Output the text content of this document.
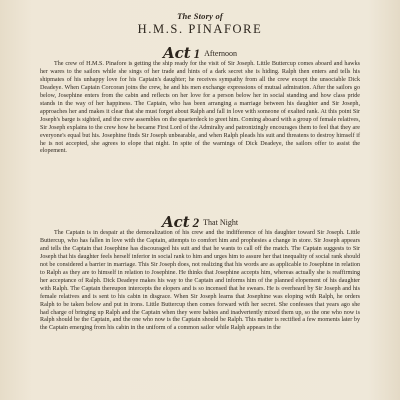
The Story of
H.M.S. PINAFORE
Act 1 Afternoon
The crew of H.M.S. Pinafore is getting the ship ready for the visit of Sir Joseph. Little Buttercup comes aboard and hawks her wares to the sailors while she sings of her trade and hints of a dark secret she is hiding. Ralph then enters and tells his shipmates of his unhappy love for his Captain's daughter; he receives sympathy from all the crew except the unsociable Dick Deadeye. When Captain Corcoran joins the crew, he and his men exchange expressions of mutual admiration. After the sailors go below, Josephine enters from the cabin and reflects on her love for a person below her in social standing and how class pride stands in the way of her happiness. The Captain, who has been arranging a marriage between his daughter and Sir Joseph, approaches her and makes it clear that she must forget about Ralph and fall in love with someone of exalted rank. At this point Sir Joseph's barge is sighted, and the crew assembles on the quarterdeck to greet him. Coming aboard with a group of female relatives, Sir Joseph explains to the crew how he became First Lord of the Admiralty and patronizingly encourages them to feel that they are everyone's equal but his. Josephine finds Sir Joseph unbearable, and when Ralph pleads his suit and threatens to destroy himself if he is not accepted, she agrees to elope that night. In spite of the warnings of Dick Deadeye, the sailors offer to assist the elopement.
Act 2 That Night
The Captain is in despair at the demoralization of his crew and the indifference of his daughter toward Sir Joseph. Little Buttercup, who has fallen in love with the Captain, attempts to comfort him and prophesies a change in store. Sir Joseph appears and tells the Captain that Josephine has discouraged his suit and that he wants to call off the match. The Captain suggests to Sir Joseph that his daughter feels herself inferior in social rank to him and urges him to assure her that inequality of social rank should not be considered a barrier in marriage. This Sir Joseph does, not realizing that his words are as applicable to Josephine in relation to Ralph as they are to himself in relation to Josephine. He thinks that Josephine accepts him, whereas actually she is reaffirming her acceptance of Ralph. Dick Deadeye makes his way to the Captain and informs him of the planned elopement of his daughter with Ralph. The Captain thereupon intercepts the elopers and is so incensed that he swears. He is overheard by Sir Joseph and his female relatives and is sent to his cabin in disgrace. When Sir Joseph learns that Josephine was eloping with Ralph, he orders Ralph to be taken below and put in irons. Little Buttercup then comes forward with her secret. She confesses that years ago she had charge of bringing up Ralph and the Captain when they were babies and inadvertently mixed them up, so the one who now is Ralph should be the Captain, and the one who now is the Captain should be Ralph. This matter is rectified a few moments later by the Captain emerging from his cabin in the uniform of a common sailor while Ralph appears in the
